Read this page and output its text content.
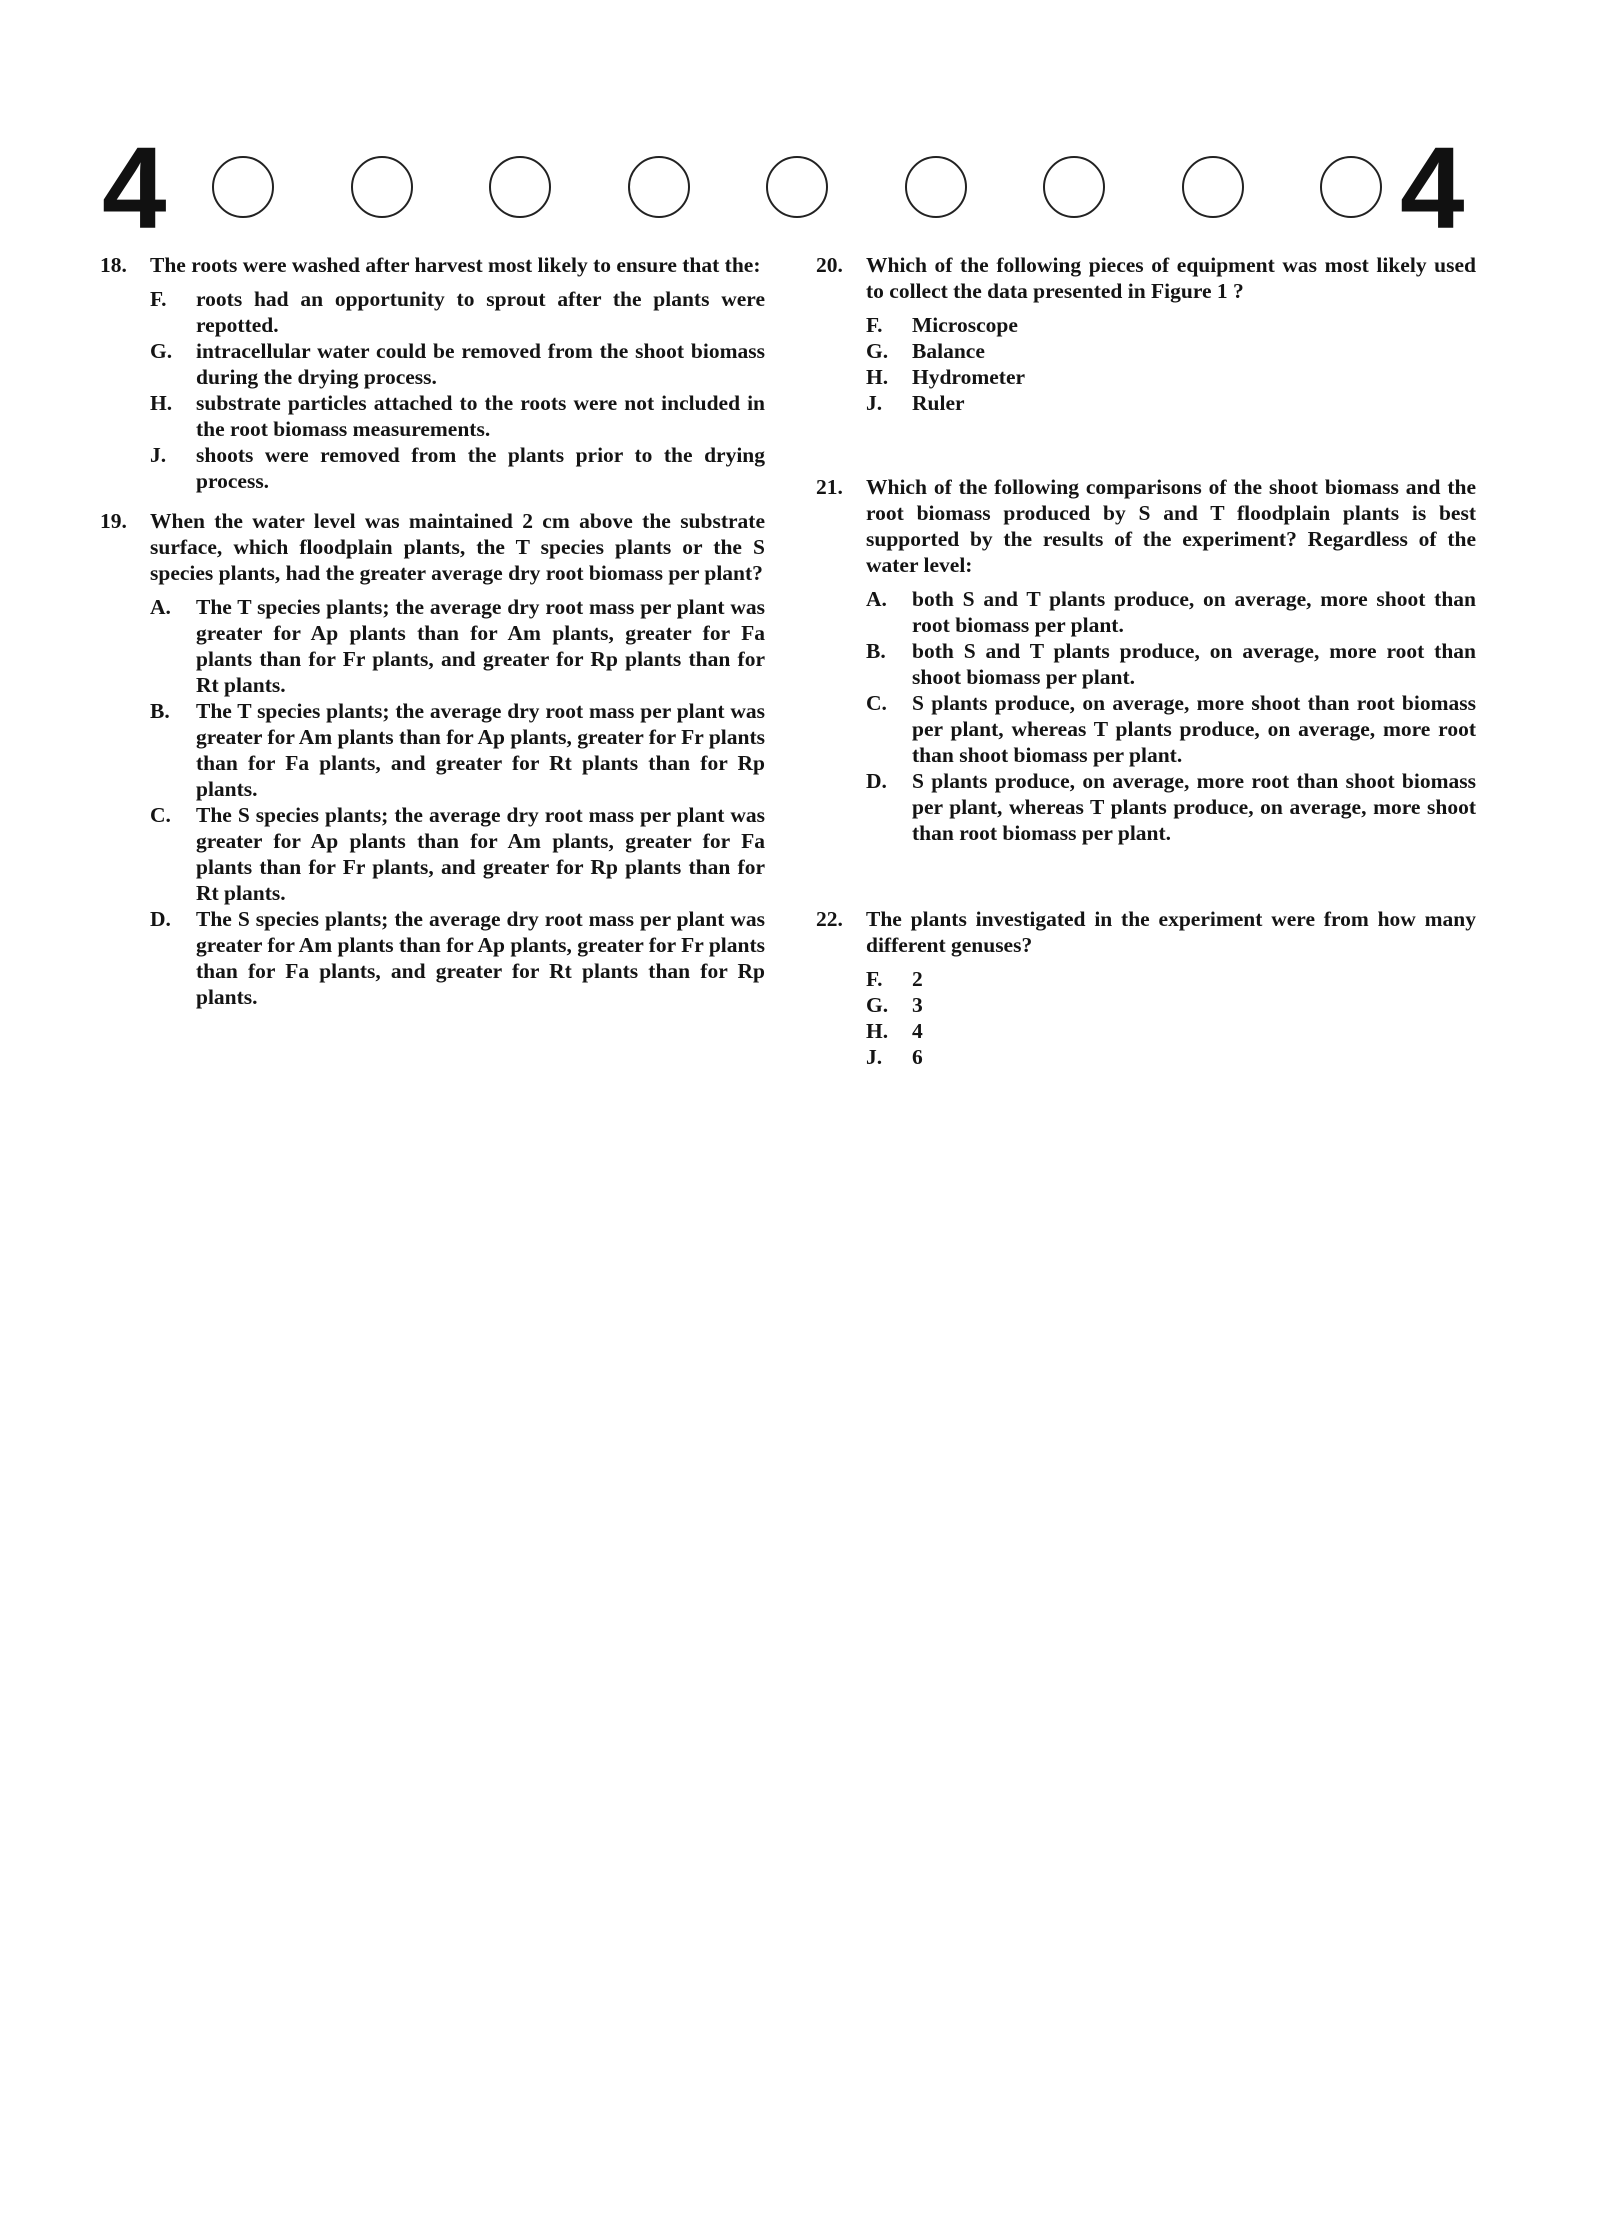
4	4
18.	The roots were washed after harvest most likely to ensure that the:
F.	roots had an opportunity to sprout after the plants were repotted.
G.	intracellular water could be removed from the shoot biomass during the drying process.
H.	substrate particles attached to the roots were not included in the root biomass measurements.
J.	shoots were removed from the plants prior to the drying process.
19.	When the water level was maintained 2 cm above the substrate surface, which floodplain plants, the T species plants or the S species plants, had the greater average dry root biomass per plant?
A.	The T species plants; the average dry root mass per plant was greater for Ap plants than for Am plants, greater for Fa plants than for Fr plants, and greater for Rp plants than for Rt plants.
B.	The T species plants; the average dry root mass per plant was greater for Am plants than for Ap plants, greater for Fr plants than for Fa plants, and greater for Rt plants than for Rp plants.
C.	The S species plants; the average dry root mass per plant was greater for Ap plants than for Am plants, greater for Fa plants than for Fr plants, and greater for Rp plants than for Rt plants.
D.	The S species plants; the average dry root mass per plant was greater for Am plants than for Ap plants, greater for Fr plants than for Fa plants, and greater for Rt plants than for Rp plants.
20.	Which of the following pieces of equipment was most likely used to collect the data presented in Figure 1 ?
F.	Microscope
G.	Balance
H.	Hydrometer
J.	Ruler
21.	Which of the following comparisons of the shoot biomass and the root biomass produced by S and T floodplain plants is best supported by the results of the experiment? Regardless of the water level:
A.	both S and T plants produce, on average, more shoot than root biomass per plant.
B.	both S and T plants produce, on average, more root than shoot biomass per plant.
C.	S plants produce, on average, more shoot than root biomass per plant, whereas T plants produce, on average, more root than shoot biomass per plant.
D.	S plants produce, on average, more root than shoot biomass per plant, whereas T plants produce, on average, more shoot than root biomass per plant.
22.	The plants investigated in the experiment were from how many different genuses?
F.	2
G.	3
H.	4
J.	6
